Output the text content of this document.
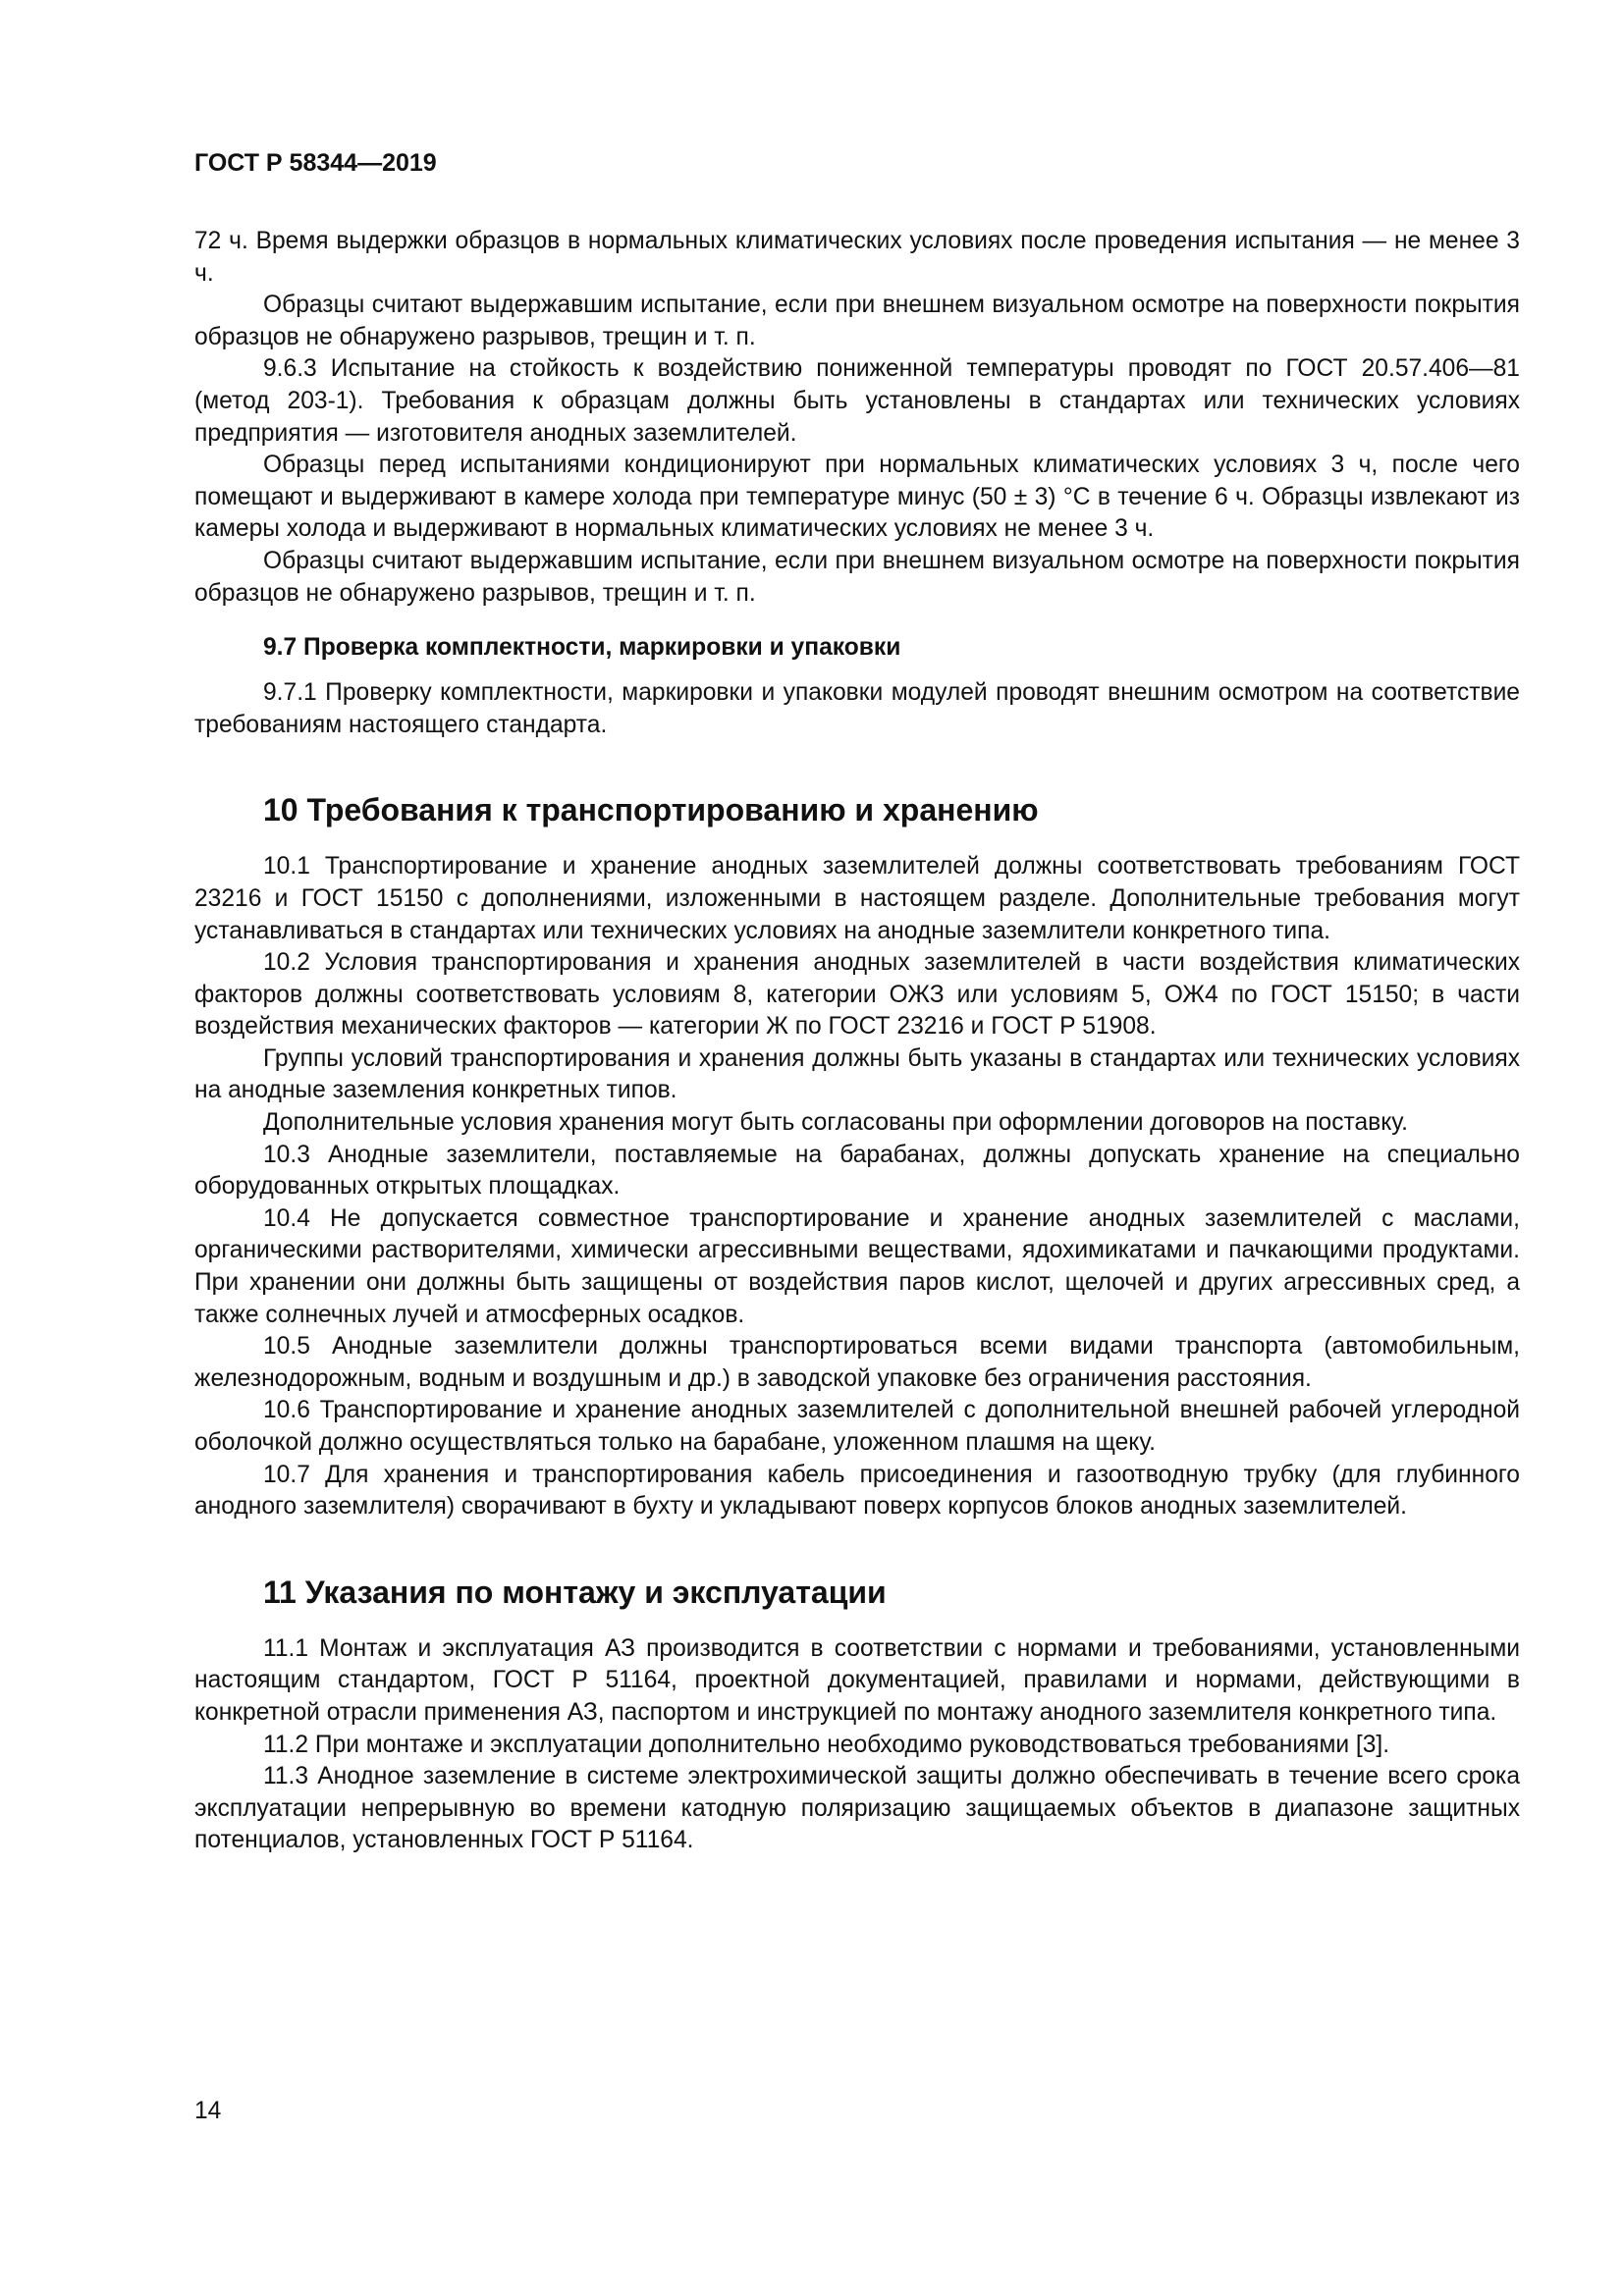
ГОСТ Р 58344—2019

72 ч. Время выдержки образцов в нормальных климатических условиях после проведения испытания — не менее 3 ч.

Образцы считают выдержавшим испытание, если при внешнем визуальном осмотре на поверхности покрытия образцов не обнаружено разрывов, трещин и т. п.

9.6.3 Испытание на стойкость к воздействию пониженной температуры проводят по ГОСТ 20.57.406—81 (метод 203-1). Требования к образцам должны быть установлены в стандартах или технических условиях предприятия — изготовителя анодных заземлителей.

Образцы перед испытаниями кондиционируют при нормальных климатических условиях 3 ч, после чего помещают и выдерживают в камере холода при температуре минус (50 ± 3) °С в течение 6 ч. Образцы извлекают из камеры холода и выдерживают в нормальных климатических условиях не менее 3 ч.

Образцы считают выдержавшим испытание, если при внешнем визуальном осмотре на поверхности покрытия образцов не обнаружено разрывов, трещин и т. п.

9.7 Проверка комплектности, маркировки и упаковки

9.7.1 Проверку комплектности, маркировки и упаковки модулей проводят внешним осмотром на соответствие требованиям настоящего стандарта.

10 Требования к транспортированию и хранению

10.1 Транспортирование и хранение анодных заземлителей должны соответствовать требованиям ГОСТ 23216 и ГОСТ 15150 с дополнениями, изложенными в настоящем разделе. Дополнительные требования могут устанавливаться в стандартах или технических условиях на анодные заземлители конкретного типа.

10.2 Условия транспортирования и хранения анодных заземлителей в части воздействия климатических факторов должны соответствовать условиям 8, категории ОЖЗ или условиям 5, ОЖ4 по ГОСТ 15150; в части воздействия механических факторов — категории Ж по ГОСТ 23216 и ГОСТ Р 51908.

Группы условий транспортирования и хранения должны быть указаны в стандартах или технических условиях на анодные заземления конкретных типов.

Дополнительные условия хранения могут быть согласованы при оформлении договоров на поставку.

10.3 Анодные заземлители, поставляемые на барабанах, должны допускать хранение на специально оборудованных открытых площадках.

10.4 Не допускается совместное транспортирование и хранение анодных заземлителей с маслами, органическими растворителями, химически агрессивными веществами, ядохимикатами и пачкающими продуктами. При хранении они должны быть защищены от воздействия паров кислот, щелочей и других агрессивных сред, а также солнечных лучей и атмосферных осадков.

10.5 Анодные заземлители должны транспортироваться всеми видами транспорта (автомобильным, железнодорожным, водным и воздушным и др.) в заводской упаковке без ограничения расстояния.

10.6 Транспортирование и хранение анодных заземлителей с дополнительной внешней рабочей углеродной оболочкой должно осуществляться только на барабане, уложенном плашмя на щеку.

10.7 Для хранения и транспортирования кабель присоединения и газоотводную трубку (для глубинного анодного заземлителя) сворачивают в бухту и укладывают поверх корпусов блоков анодных заземлителей.

11 Указания по монтажу и эксплуатации

11.1 Монтаж и эксплуатация АЗ производится в соответствии с нормами и требованиями, установленными настоящим стандартом, ГОСТ Р 51164, проектной документацией, правилами и нормами, действующими в конкретной отрасли применения АЗ, паспортом и инструкцией по монтажу анодного заземлителя конкретного типа.

11.2 При монтаже и эксплуатации дополнительно необходимо руководствоваться требованиями [3].

11.3 Анодное заземление в системе электрохимической защиты должно обеспечивать в течение всего срока эксплуатации непрерывную во времени катодную поляризацию защищаемых объектов в диапазоне защитных потенциалов, установленных ГОСТ Р 51164.

14
